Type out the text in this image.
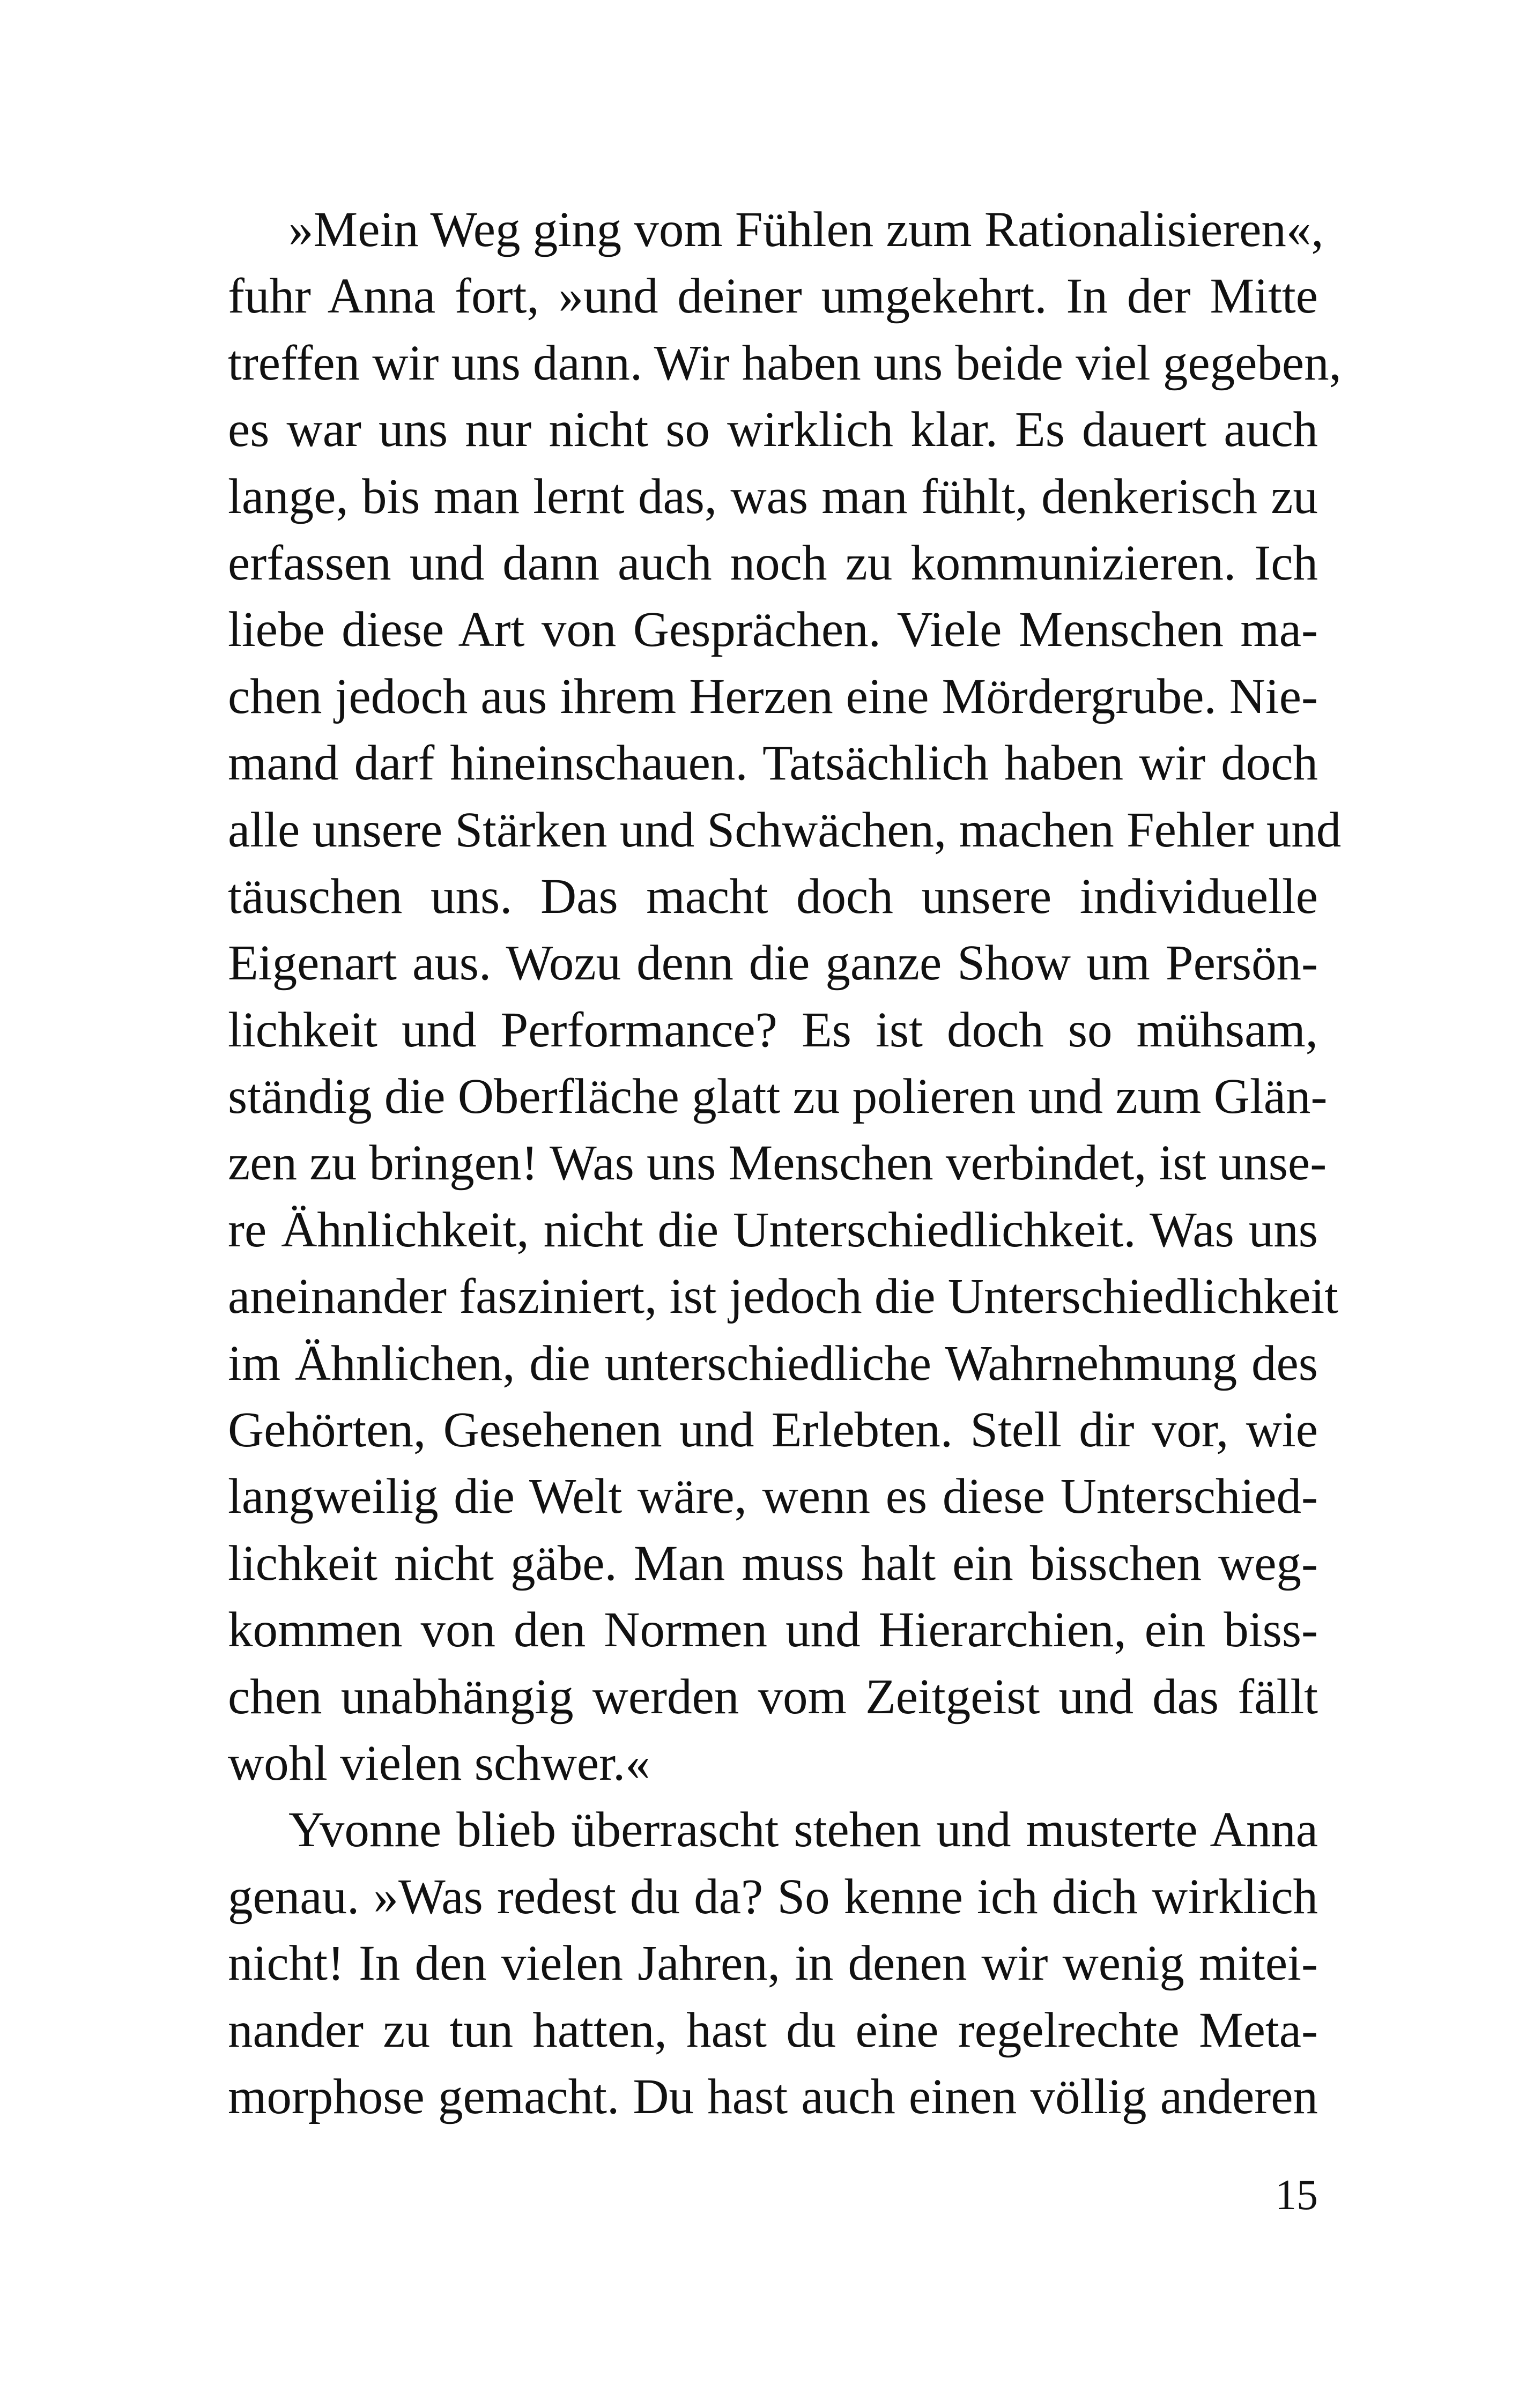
»Mein Weg ging vom Fühlen zum Rationalisieren«,
fuhr Anna fort, »und deiner umgekehrt. In der Mitte
treffen wir uns dann. Wir haben uns beide viel gegeben,
es war uns nur nicht so wirklich klar. Es dauert auch
lange, bis man lernt das, was man fühlt, denkerisch zu
erfassen und dann auch noch zu kommunizieren. Ich
liebe diese Art von Gesprächen. Viele Menschen ma-
chen jedoch aus ihrem Herzen eine Mördergrube. Nie-
mand darf hineinschauen. Tatsächlich haben wir doch
alle unsere Stärken und Schwächen, machen Fehler und
täuschen uns. Das macht doch unsere individuelle
Eigenart aus. Wozu denn die ganze Show um Persön-
lichkeit und Performance? Es ist doch so mühsam,
ständig die Oberfläche glatt zu polieren und zum Glän-
zen zu bringen! Was uns Menschen verbindet, ist unse-
re Ähnlichkeit, nicht die Unterschiedlichkeit. Was uns
aneinander fasziniert, ist jedoch die Unterschiedlichkeit
im Ähnlichen, die unterschiedliche Wahrnehmung des
Gehörten, Gesehenen und Erlebten. Stell dir vor, wie
langweilig die Welt wäre, wenn es diese Unterschied-
lichkeit nicht gäbe. Man muss halt ein bisschen weg-
kommen von den Normen und Hierarchien, ein biss-
chen unabhängig werden vom Zeitgeist und das fällt
wohl vielen schwer.«
Yvonne blieb überrascht stehen und musterte Anna
genau. »Was redest du da? So kenne ich dich wirklich
nicht! In den vielen Jahren, in denen wir wenig mitei-
nander zu tun hatten, hast du eine regelrechte Meta-
morphose gemacht. Du hast auch einen völlig anderen
15
